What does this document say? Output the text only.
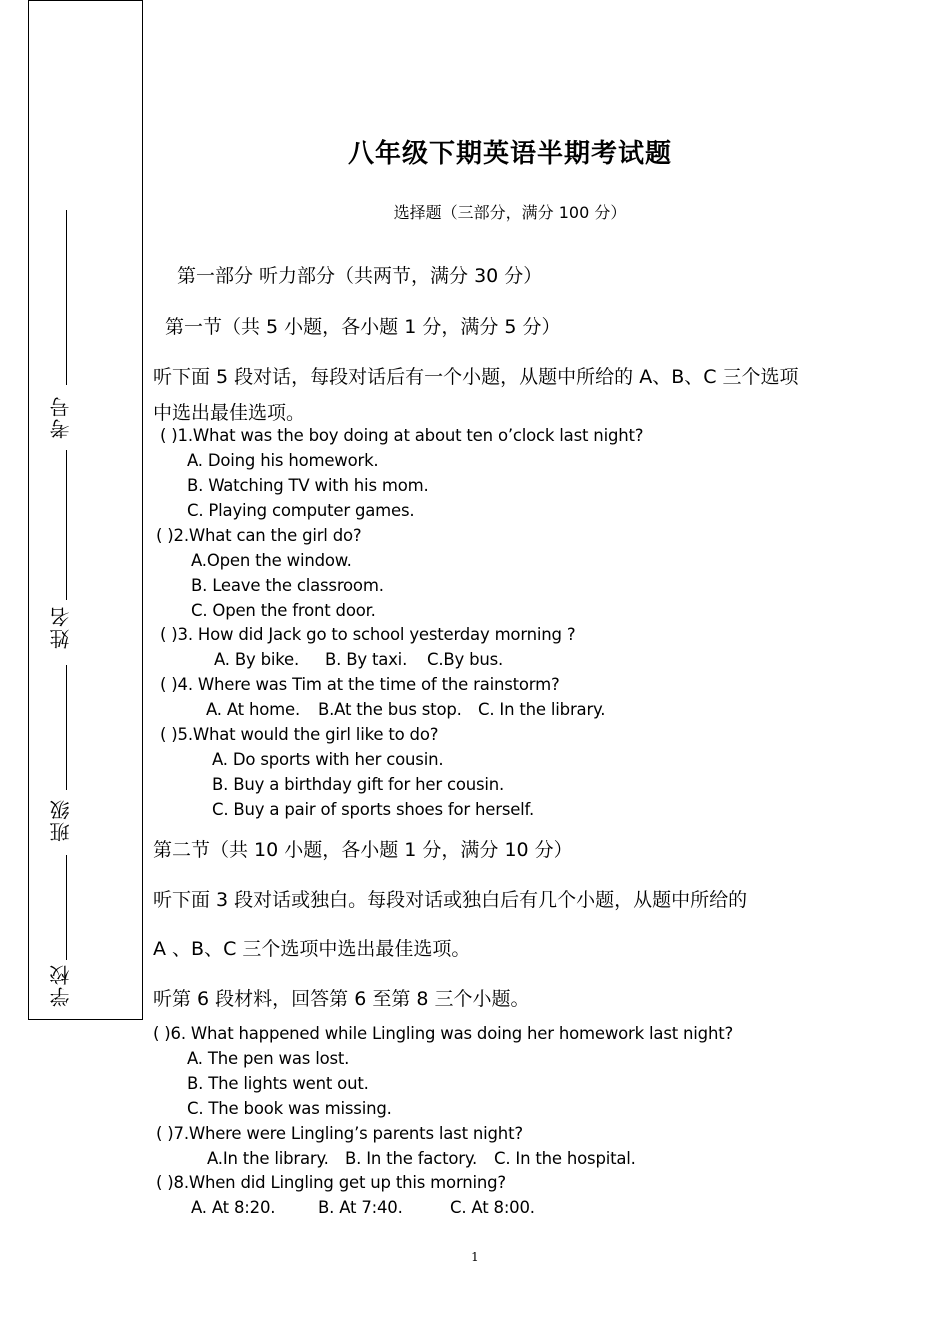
考号
姓名
班级
学校
八年级下期英语半期考试题
选择题（三部分，满分 100 分）
第一部分 听力部分（共两节，满分 30 分）
第一节（共 5 小题，各小题 1 分，满分 5 分）
听下面 5 段对话，每段对话后有一个小题，从题中所给的 A、B、C 三个选项
中选出最佳选项。
( )1.What was the boy doing at about ten o’clock last night?
A. Doing his homework.
B. Watching TV with his mom.
C. Playing computer games.
( )2.What can the girl do?
A.Open the window.
B. Leave the classroom.
C. Open the front door.
( )3. How did Jack go to school yesterday morning ?
A. By bike. B. By taxi. C.By bus.
( )4. Where was Tim at the time of the rainstorm?
A. At home. B.At the bus stop. C. In the library.
( )5.What would the girl like to do?
A. Do sports with her cousin.
B. Buy a birthday gift for her cousin.
C. Buy a pair of sports shoes for herself.
第二节（共 10 小题，各小题 1 分，满分 10 分）
听下面 3 段对话或独白。每段对话或独白后有几个小题，从题中所给的
A 、B、C 三个选项中选出最佳选项。
听第 6 段材料，回答第 6 至第 8 三个小题。
( )6. What happened while Lingling was doing her homework last night?
A. The pen was lost.
B. The lights went out.
C. The book was missing.
( )7.Where were Lingling’s parents last night?
A.In the library. B. In the factory. C. In the hospital.
( )8.When did Lingling get up this morning?
A. At 8:20.	B. At 7:40.	C. At 8:00.
1
